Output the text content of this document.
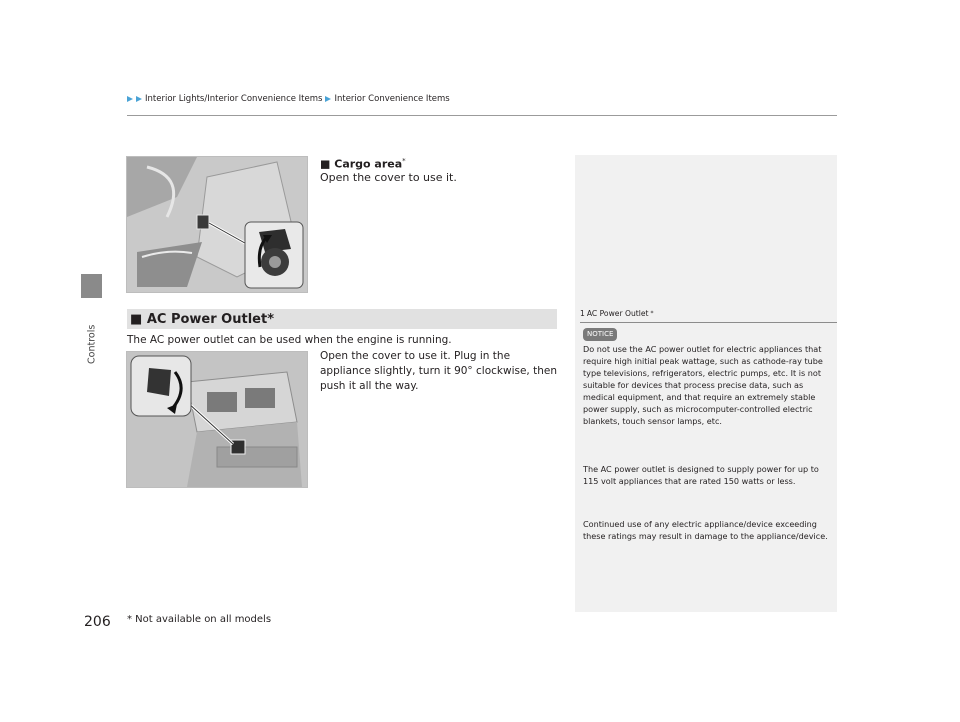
Controls
Interior Lights/Interior Convenience Items Interior Convenience Items
■ Cargo area*
Open the cover to use it.
■ AC Power Outlet*
The AC power outlet can be used when the engine is running.
Open the cover to use it. Plug in the appliance slightly, turn it 90° clockwise, then push it all the way.
1 AC Power Outlet *
NOTICE
Do not use the AC power outlet for electric appliances that require high initial peak wattage, such as cathode-ray tube type televisions, refrigerators, electric pumps, etc. It is not suitable for devices that process precise data, such as medical equipment, and that require an extremely stable power supply, such as microcomputer-controlled electric blankets, touch sensor lamps, etc.
The AC power outlet is designed to supply power for up to 115 volt appliances that are rated 150 watts or less.
Continued use of any electric appliance/device exceeding these ratings may result in damage to the appliance/device.
206 * Not available on all models
